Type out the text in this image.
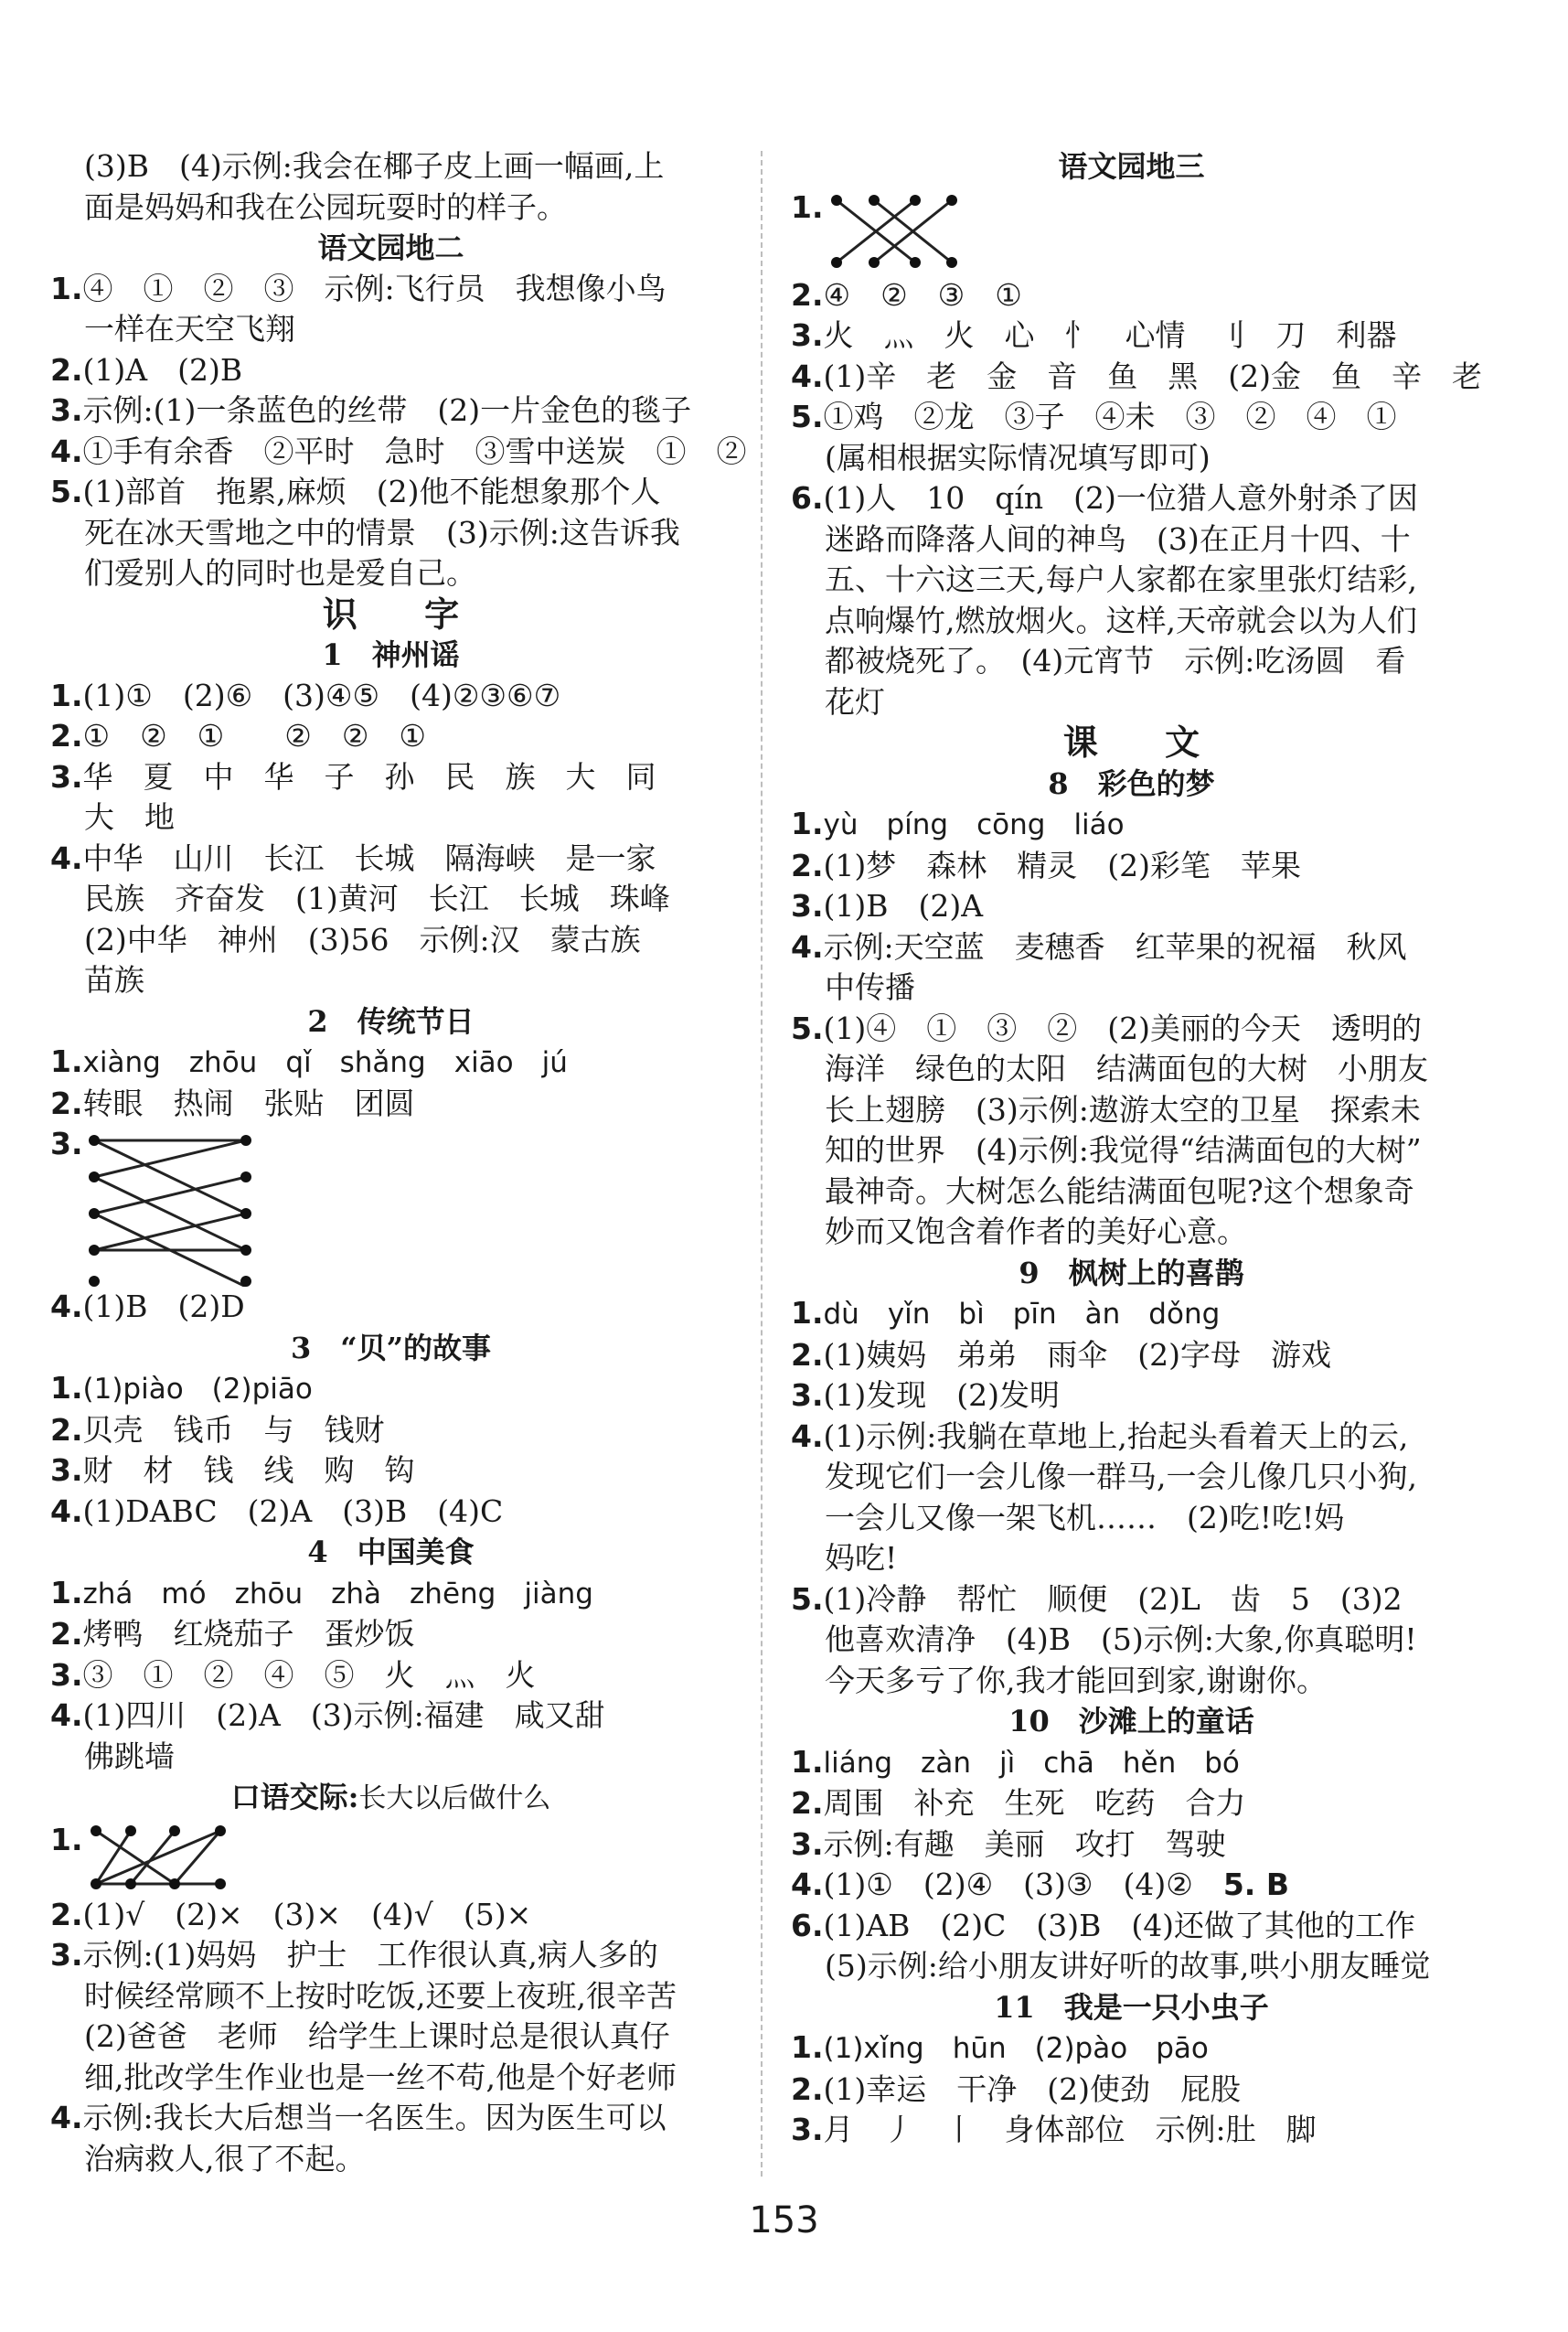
(3)B　(4)示例:我会在椰子皮上画一幅画,上

面是妈妈和我在公园玩耍时的样子。

语文园地二

1.④　①　②　③　示例:飞行员　我想像小鸟

一样在天空飞翔

2.(1)A　(2)B

3.示例:(1)一条蓝色的丝带　(2)一片金色的毯子

4.①手有余香　②平时　急时　③雪中送炭　①　②

5.(1)部首　拖累,麻烦　(2)他不能想象那个人

死在冰天雪地之中的情景　(3)示例:这告诉我

们爱别人的同时也是爱自己。

识 字

1　神州谣

1.(1)①　(2)⑥　(3)④⑤　(4)②③⑥⑦

2.①　②　①　　②　②　①

3.华　夏　中　华　子　孙　民　族　大　同

大　地

4.中华　山川　长江　长城　隔海峡　是一家

民族　齐奋发　(1)黄河　长江　长城　珠峰

(2)中华　神州　(3)56　示例:汉　蒙古族

苗族

2　传统节日

1.xiàng　zhōu　qǐ　shǎng　xiāo　jú

2.转眼　热闹　张贴　团圆

3.

4.(1)B　(2)D

3　“贝”的故事

1.(1)piào　(2)piāo

2.贝壳　钱币　与　钱财

3.财　材　钱　线　购　钩

4.(1)DABC　(2)A　(3)B　(4)C

4　中国美食

1.zhá　mó　zhōu　zhà　zhēng　jiàng

2.烤鸭　红烧茄子　蛋炒饭

3.③　①　②　④　⑤　火　灬　火

4.(1)四川　(2)A　(3)示例:福建　咸又甜

佛跳墙

口语交际:长大以后做什么

1.

2.(1)√　(2)×　(3)×　(4)√　(5)×

3.示例:(1)妈妈　护士　工作很认真,病人多的

时候经常顾不上按时吃饭,还要上夜班,很辛苦

(2)爸爸　老师　给学生上课时总是很认真仔

细,批改学生作业也是一丝不苟,他是个好老师

4.示例:我长大后想当一名医生。因为医生可以

治病救人,很了不起。

语文园地三

1.

2.④　②　③　①

3.火　灬　火　心　忄　心情　刂　刀　利器

4.(1)辛　老　金　音　鱼　黑　(2)金　鱼　辛　老

5.①鸡　②龙　③子　④未　③　②　④　①

(属相根据实际情况填写即可)

6.(1)人　10　qín　(2)一位猎人意外射杀了因

迷路而降落人间的神鸟　(3)在正月十四、十

五、十六这三天,每户人家都在家里张灯结彩,

点响爆竹,燃放烟火。这样,天帝就会以为人们

都被烧死了。　(4)元宵节　示例:吃汤圆　看

花灯

课 文

8　彩色的梦

1.yù　píng　cōng　liáo

2.(1)梦　森林　精灵　(2)彩笔　苹果

3.(1)B　(2)A

4.示例:天空蓝　麦穗香　红苹果的祝福　秋风

中传播

5.(1)④　①　③　②　(2)美丽的今天　透明的

海洋　绿色的太阳　结满面包的大树　小朋友

长上翅膀　(3)示例:遨游太空的卫星　探索未

知的世界　(4)示例:我觉得“结满面包的大树”

最神奇。大树怎么能结满面包呢?这个想象奇

妙而又饱含着作者的美好心意。

9　枫树上的喜鹊

1.dù　yǐn　bì　pīn　àn　dǒng

2.(1)姨妈　弟弟　雨伞　(2)字母　游戏

3.(1)发现　(2)发明

4.(1)示例:我躺在草地上,抬起头看着天上的云,

发现它们一会儿像一群马,一会儿像几只小狗,

一会儿又像一架飞机……　(2)吃!吃!妈

妈吃!

5.(1)冷静　帮忙　顺便　(2)L　齿　5　(3)2

他喜欢清净　(4)B　(5)示例:大象,你真聪明!

今天多亏了你,我才能回到家,谢谢你。

10　沙滩上的童话

1.liáng　zàn　jì　chā　hěn　bó

2.周围　补充　生死　吃药　合力

3.示例:有趣　美丽　攻打　驾驶

4.(1)①　(2)④　(3)③　(4)②　5. B

6.(1)AB　(2)C　(3)B　(4)还做了其他的工作

(5)示例:给小朋友讲好听的故事,哄小朋友睡觉

11　我是一只小虫子

1.(1)xǐng　hūn　(2)pào　pāo

2.(1)幸运　干净　(2)使劲　屁股

3.月　丿　丨　身体部位　示例:肚　脚

153
